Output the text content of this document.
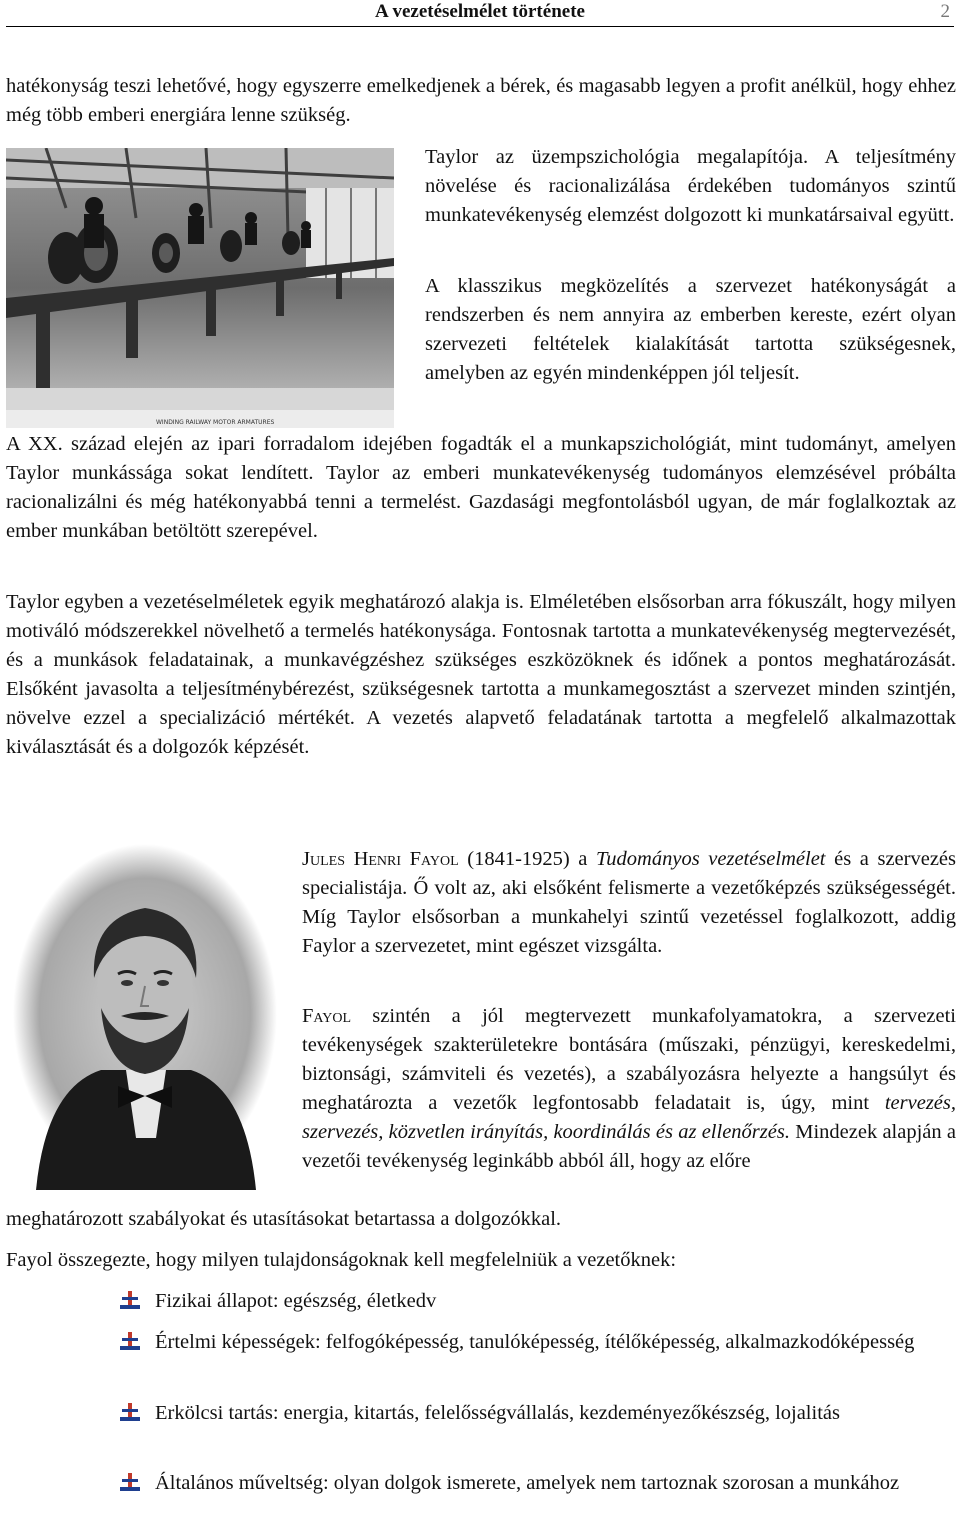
A vezetéselmélet története	2

hatékonyság teszi lehetővé, hogy egyszerre emelkedjenek a bérek, és magasabb legyen a profit anélkül, hogy ehhez még több emberi energiára lenne szükség.

WINDING RAILWAY MOTOR ARMATURES

Taylor az üzempszichológia megalapítója. A teljesítmény növelése és racionalizálása érdekében tudományos szintű munkatevékenység elemzést dolgozott ki munkatársaival együtt.

A klasszikus megközelítés a szervezet hatékonyságát a rendszerben és nem annyira az emberben kereste, ezért olyan szervezeti feltételek kialakítását tartotta szükségesnek, amelyben az egyén mindenképpen jól teljesít.

A XX. század elején az ipari forradalom idejében fogadták el a munkapszichológiát, mint tudományt, amelyen Taylor munkássága sokat lendített. Taylor az emberi munkatevékenység tudományos elemzésével próbálta racionalizálni és még hatékonyabbá tenni a termelést. Gazdasági megfontolásból ugyan, de már foglalkoztak az ember munkában betöltött szerepével.

Taylor egyben a vezetéselméletek egyik meghatározó alakja is. Elméletében elsősorban arra fókuszált, hogy milyen motiváló módszerekkel növelhető a termelés hatékonysága. Fontosnak tartotta a munkatevékenység megtervezését, és a munkások feladatainak, a munkavégzéshez szükséges eszközöknek és időnek a pontos meghatározását. Elsőként javasolta a teljesítménybérezést, szükségesnek tartotta a munkamegosztást a szervezet minden szintjén, növelve ezzel a specializáció mértékét. A vezetés alapvető feladatának tartotta a megfelelő alkalmazottak kiválasztását és a dolgozók képzését.

Jules Henri Fayol (1841-1925) a Tudományos vezetéselmélet és a szervezés specialistája. Ő volt az, aki elsőként felismerte a vezetőképzés szükségességét. Míg Taylor elsősorban a munkahelyi szintű vezetéssel foglalkozott, addig Faylor a szervezetet, mint egészet vizsgálta.

Fayol szintén a jól megtervezett munkafolyamatokra, a szervezeti tevékenységek szakterületekre bontására (műszaki, pénzügyi, kereskedelmi, biztonsági, számviteli és vezetés), a szabályozásra helyezte a hangsúlyt és meghatározta a vezetők legfontosabb feladatait is, úgy, mint tervezés, szervezés, közvetlen irányítás, koordinálás és az ellenőrzés. Mindezek alapján a vezetői tevékenység leginkább abból áll, hogy az előre

meghatározott szabályokat és utasításokat betartassa a dolgozókkal.

Fayol összegezte, hogy milyen tulajdonságoknak kell megfelelniük a vezetőknek:

Fizikai állapot: egészség, életkedv
Értelmi képességek: felfogóképesség, tanulóképesség, ítélőképesség, alkalmazkodóképesség
Erkölcsi tartás: energia, kitartás, felelősségvállalás, kezdeményezőkészség, lojalitás
Általános műveltség: olyan dolgok ismerete, amelyek nem tartoznak szorosan a munkához
